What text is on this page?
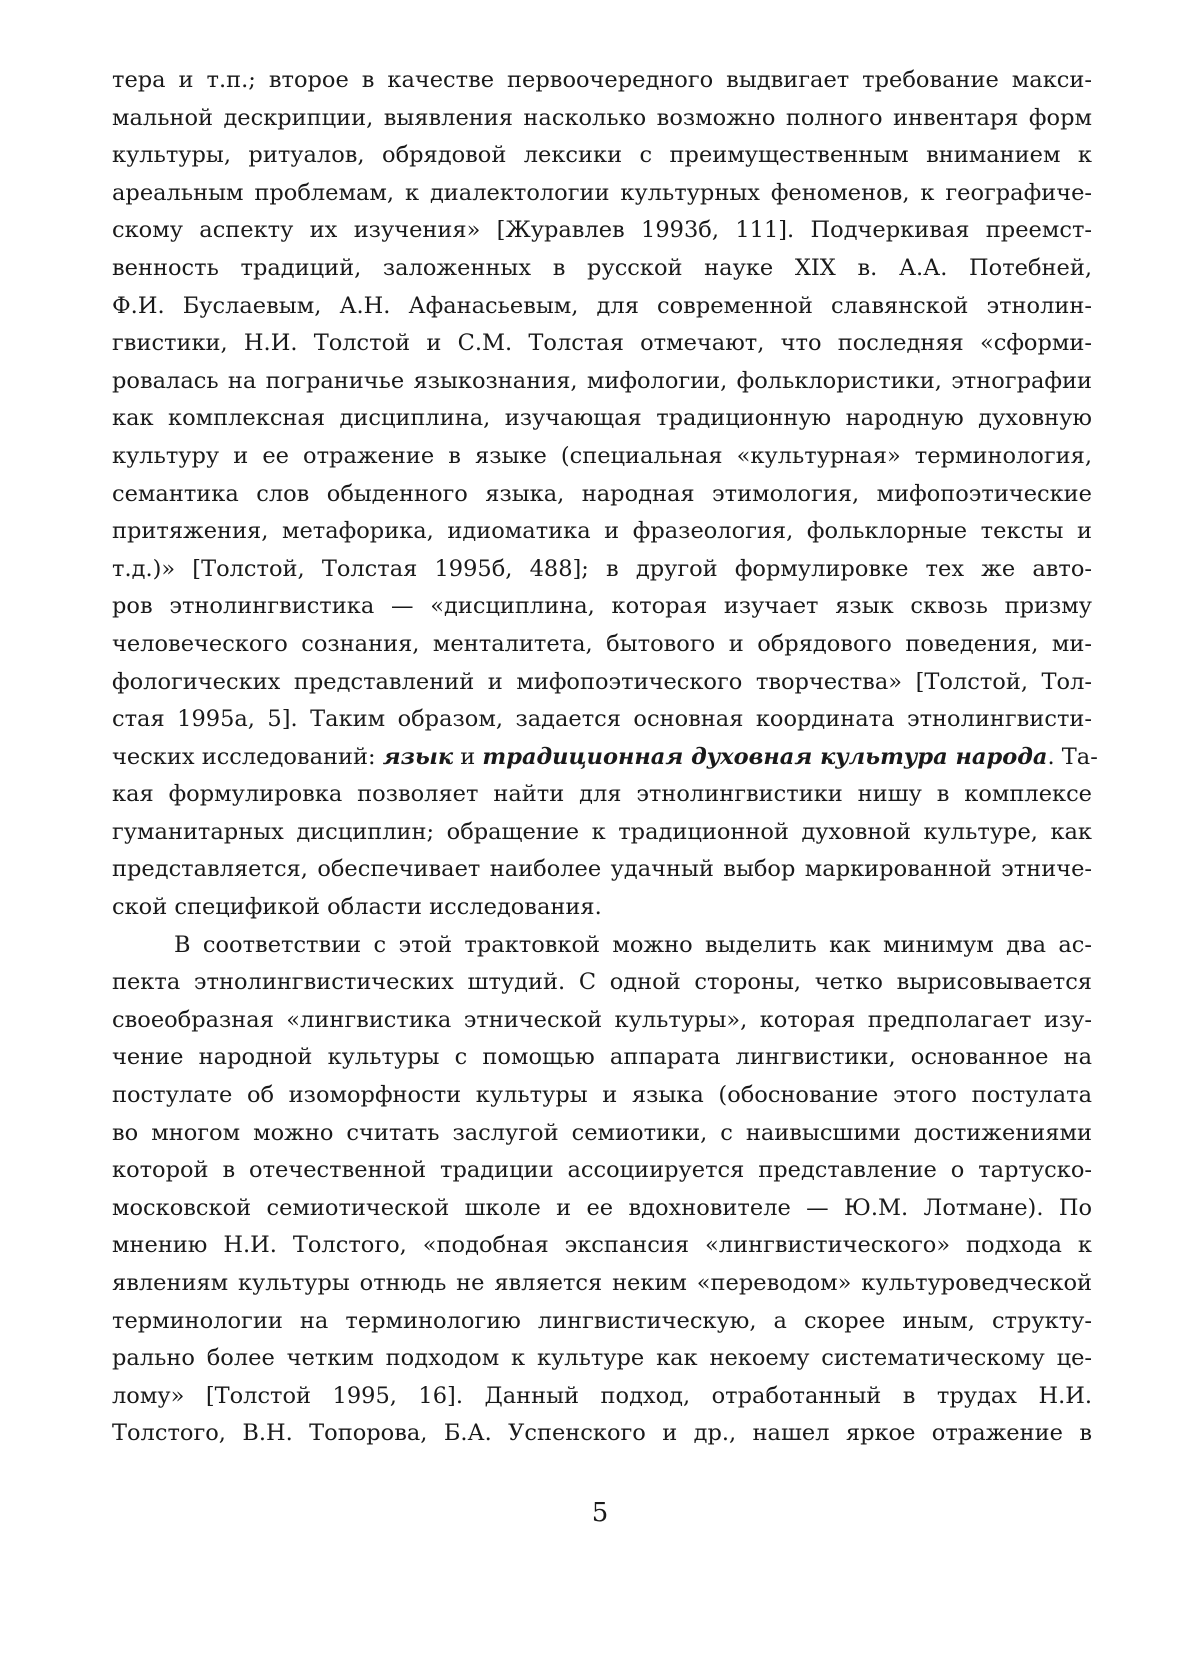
тера и т.п.; второе в качестве первоочередного выдвигает требование макси-
мальной дескрипции, выявления насколько возможно полного инвентаря форм
культуры, ритуалов, обрядовой лексики с преимущественным вниманием к
ареальным проблемам, к диалектологии культурных феноменов, к географиче-
скому аспекту их изучения» [Журавлев 1993б, 111]. Подчеркивая преемст-
венность традиций, заложенных в русской науке XIX в. А.А. Потебней,
Ф.И. Буслаевым, А.Н. Афанасьевым, для современной славянской этнолин-
гвистики, Н.И. Толстой и С.М. Толстая отмечают, что последняя «сформи-
ровалась на пограничье языкознания, мифологии, фольклористики, этнографии
как комплексная дисциплина, изучающая традиционную народную духовную
культуру и ее отражение в языке (специальная «культурная» терминология,
семантика слов обыденного языка, народная этимология, мифопоэтические
притяжения, метафорика, идиоматика и фразеология, фольклорные тексты и
т.д.)» [Толстой, Толстая 1995б, 488]; в другой формулировке тех же авто-
ров этнолингвистика — «дисциплина, которая изучает язык сквозь призму
человеческого сознания, менталитета, бытового и обрядового поведения, ми-
фологических представлений и мифопоэтического творчества» [Толстой, Тол-
стая 1995а, 5]. Таким образом, задается основная координата этнолингвисти-
ческих исследований: язык и традиционная духовная культура народа. Та-
кая формулировка позволяет найти для этнолингвистики нишу в комплексе
гуманитарных дисциплин; обращение к традиционной духовной культуре, как
представляется, обеспечивает наиболее удачный выбор маркированной этниче-
ской спецификой области исследования.
В соответствии с этой трактовкой можно выделить как минимум два ас-
пекта этнолингвистических штудий. С одной стороны, четко вырисовывается
своеобразная «лингвистика этнической культуры», которая предполагает изу-
чение народной культуры с помощью аппарата лингвистики, основанное на
постулате об изоморфности культуры и языка (обоснование этого постулата
во многом можно считать заслугой семиотики, с наивысшими достижениями
которой в отечественной традиции ассоциируется представление о тартуско-
московской семиотической школе и ее вдохновителе — Ю.М. Лотмане). По
мнению Н.И. Толстого, «подобная экспансия «лингвистического» подхода к
явлениям культуры отнюдь не является неким «переводом» культуроведческой
терминологии на терминологию лингвистическую, а скорее иным, структу-
рально более четким подходом к культуре как некоему систематическому це-
лому» [Толстой 1995, 16]. Данный подход, отработанный в трудах Н.И.
Толстого, В.Н. Топорова, Б.А. Успенского и др., нашел яркое отражение в
5
